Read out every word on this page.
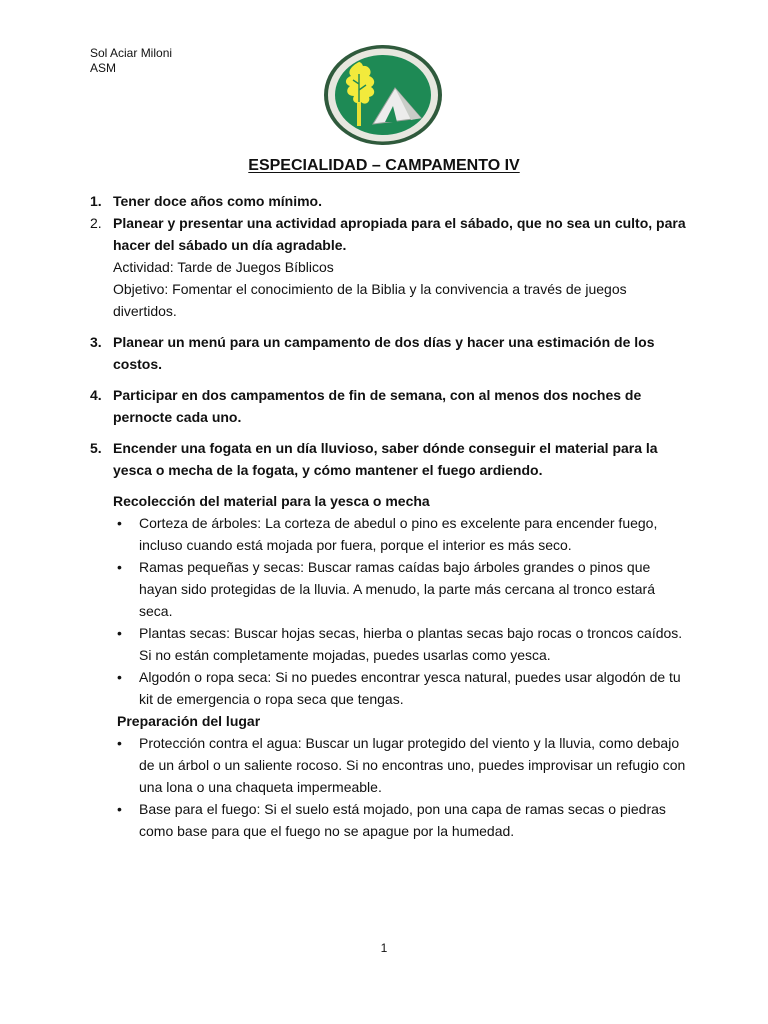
Sol Aciar Miloni
ASM
ESPECIALIDAD – CAMPAMENTO IV
1. Tener doce años como mínimo.
2. Planear y presentar una actividad apropiada para el sábado, que no sea un culto, para hacer del sábado un día agradable.
Actividad: Tarde de Juegos Bíblicos
Objetivo: Fomentar el conocimiento de la Biblia y la convivencia a través de juegos divertidos.
3. Planear un menú para un campamento de dos días y hacer una estimación de los costos.
4. Participar en dos campamentos de fin de semana, con al menos dos noches de pernocte cada uno.
5. Encender una fogata en un día lluvioso, saber dónde conseguir el material para la yesca o mecha de la fogata, y cómo mantener el fuego ardiendo.
Recolección del material para la yesca o mecha
• Corteza de árboles: La corteza de abedul o pino es excelente para encender fuego, incluso cuando está mojada por fuera, porque el interior es más seco.
• Ramas pequeñas y secas: Buscar ramas caídas bajo árboles grandes o pinos que hayan sido protegidas de la lluvia. A menudo, la parte más cercana al tronco estará seca.
• Plantas secas: Buscar hojas secas, hierba o plantas secas bajo rocas o troncos caídos. Si no están completamente mojadas, puedes usarlas como yesca.
• Algodón o ropa seca: Si no puedes encontrar yesca natural, puedes usar algodón de tu kit de emergencia o ropa seca que tengas.
Preparación del lugar
• Protección contra el agua: Buscar un lugar protegido del viento y la lluvia, como debajo de un árbol o un saliente rocoso. Si no encontras uno, puedes improvisar un refugio con una lona o una chaqueta impermeable.
• Base para el fuego: Si el suelo está mojado, pon una capa de ramas secas o piedras como base para que el fuego no se apague por la humedad.
1
